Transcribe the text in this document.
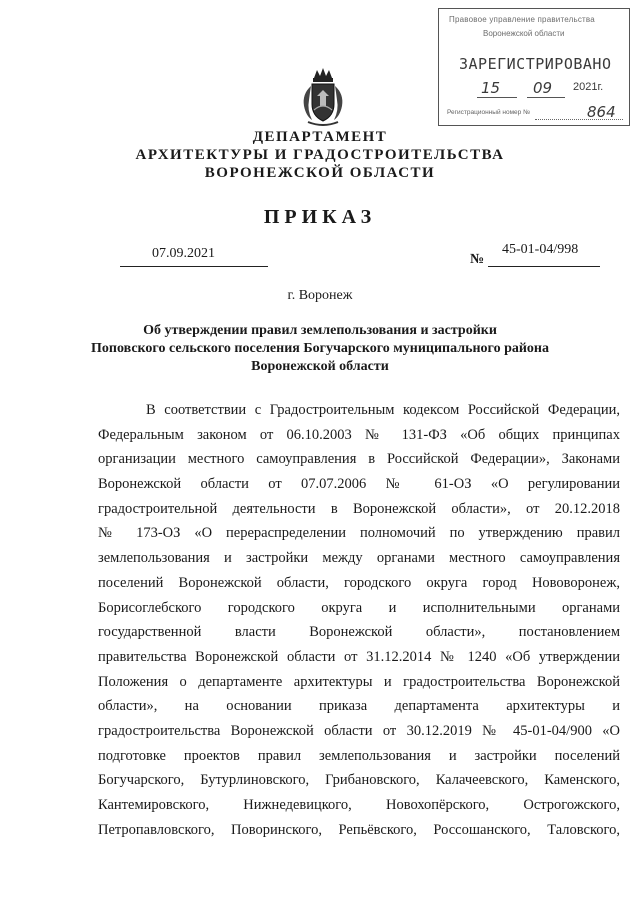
Правовое управление правительства
Воронежской области
ЗАРЕГИСТРИРОВАНО
15 09 2021г.
Регистрационный номер №	864
ДЕПАРТАМЕНТ
АРХИТЕКТУРЫ И ГРАДОСТРОИТЕЛЬСТВА
ВОРОНЕЖСКОЙ ОБЛАСТИ
ПРИКАЗ
07.09.2021	№
45-01-04/998
г. Воронеж
Об утверждении правил землепользования и застройки
Поповского сельского поселения Богучарского муниципального района
Воронежской области
В соответствии с Градостроительным кодексом Российской Федерации,
Федеральным законом от 06.10.2003 № 131-ФЗ «Об общих принципах
организации местного самоуправления в Российской Федерации», Законами
Воронежской области от 07.07.2006 № 61-ОЗ «О регулировании
градостроительной деятельности в Воронежской области», от 20.12.2018
№ 173-ОЗ «О перераспределении полномочий по утверждению правил
землепользования и застройки между органами местного самоуправления
поселений Воронежской области, городского округа город Нововоронеж,
Борисоглебского городского округа и исполнительными органами
государственной власти Воронежской области», постановлением
правительства Воронежской области от 31.12.2014 № 1240 «Об утверждении
Положения о департаменте архитектуры и градостроительства Воронежской
области», на основании приказа департамента архитектуры и
градостроительства Воронежской области от 30.12.2019 № 45-01-04/900 «О
подготовке проектов правил землепользования и застройки поселений
Богучарского, Бутурлиновского, Грибановского, Калачеевского, Каменского,
Кантемировского, Нижнедевицкого, Новохопёрского, Острогожского,
Петропавловского, Поворинского, Репьёвского, Россошанского, Таловского,
